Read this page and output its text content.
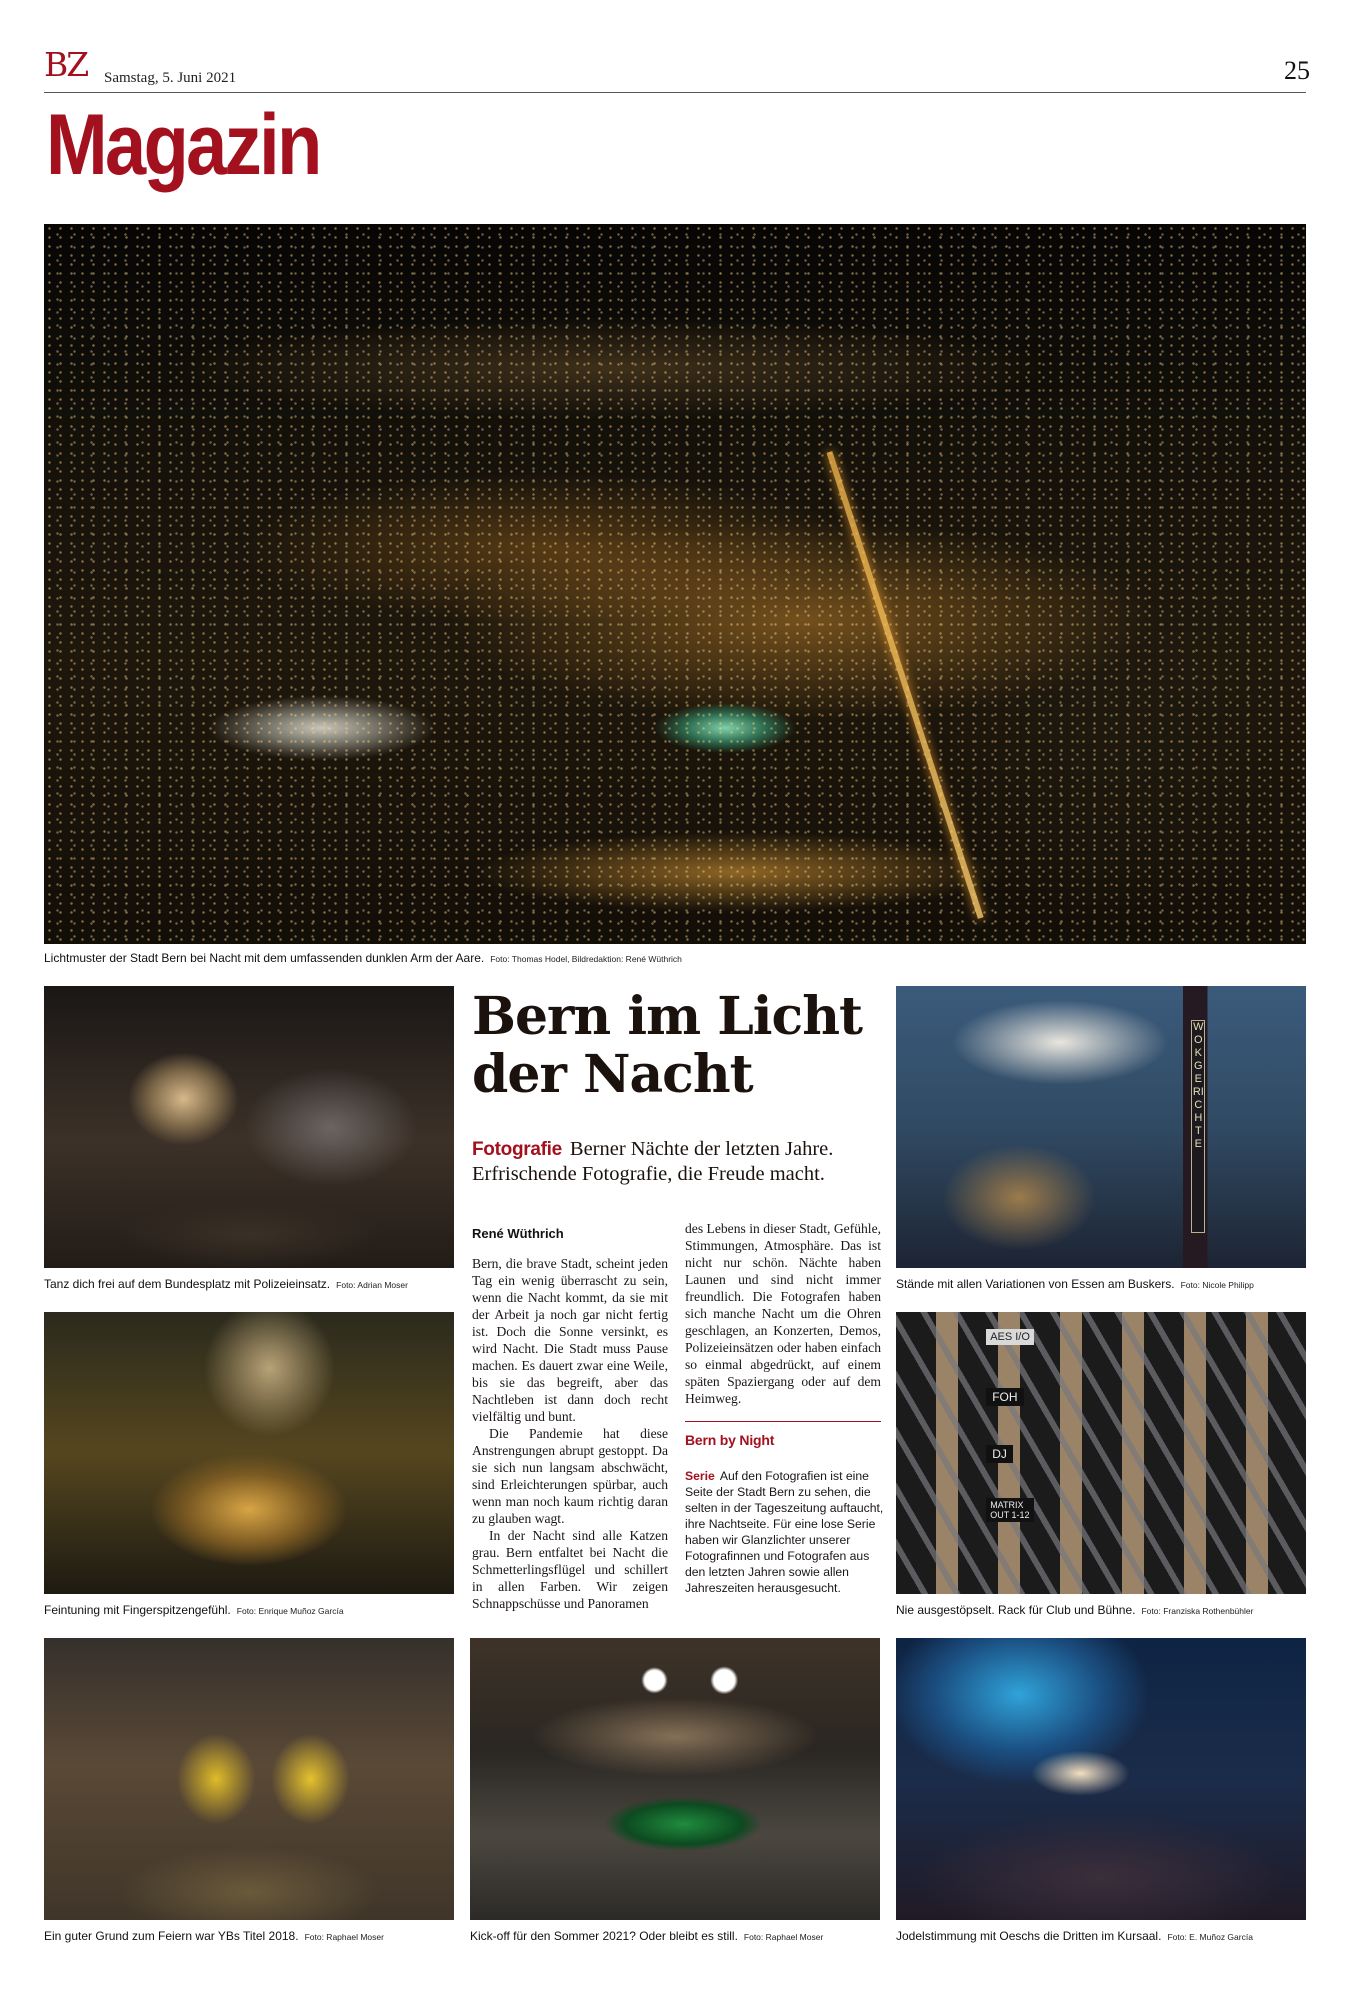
BZ Samstag, 5. Juni 2021	25
Magazin
Lichtmuster der Stadt Bern bei Nacht mit dem umfassenden dunklen Arm der Aare. Foto: Thomas Hodel, Bildredaktion: René Wüthrich
Tanz dich frei auf dem Bundesplatz mit Polizeieinsatz. Foto: Adrian Moser
Bern im Licht
der Nacht
Fotografie Berner Nächte der letzten Jahre. Erfrischende Fotografie, die Freude macht.
WOK GERICHTE
Stände mit allen Variationen von Essen am Buskers. Foto: Nicole Philipp
René Wüthrich

Bern, die brave Stadt, scheint jeden Tag ein wenig überrascht zu sein, wenn die Nacht kommt, da sie mit der Arbeit ja noch gar nicht fertig ist. Doch die Sonne versinkt, es wird Nacht. Die Stadt muss Pause machen. Es dauert zwar eine Weile, bis sie das begreift, aber das Nachtleben ist dann doch recht vielfältig und bunt.

Die Pandemie hat diese Anstrengungen abrupt gestoppt. Da sie sich nun langsam abschwächt, sind Erleichterungen spürbar, auch wenn man noch kaum richtig daran zu glauben wagt.

In der Nacht sind alle Katzen grau. Bern entfaltet bei Nacht die Schmetterlingsflügel und schillert in allen Farben. Wir zeigen Schnappschüsse und Panoramen

des Lebens in dieser Stadt, Gefühle, Stimmungen, Atmosphäre. Das ist nicht nur schön. Nächte haben Launen und sind nicht immer freundlich. Die Fotografen haben sich manche Nacht um die Ohren geschlagen, an Konzerten, Demos, Polizeieinsätzen oder haben einfach so einmal abgedrückt, auf einem späten Spaziergang oder auf dem Heimweg.

Bern by Night
Serie Auf den Fotografien ist eine Seite der Stadt Bern zu sehen, die selten in der Tageszeitung auftaucht, ihre Nachtseite. Für eine lose Serie haben wir Glanzlichter unserer Fotografinnen und Fotografen aus den letzten Jahren sowie allen Jahreszeiten herausgesucht.
Feintuning mit Fingerspitzengefühl. Foto: Enrique Muñoz García
AES I/O
FOH
DJ
MATRIX OUT 1-12
Nie ausgestöpselt. Rack für Club und Bühne. Foto: Franziska Rothenbühler
Ein guter Grund zum Feiern war YBs Titel 2018. Foto: Raphael Moser	Kick-off für den Sommer 2021? Oder bleibt es still. Foto: Raphael Moser	Jodelstimmung mit Oeschs die Dritten im Kursaal. Foto: E. Muñoz García
